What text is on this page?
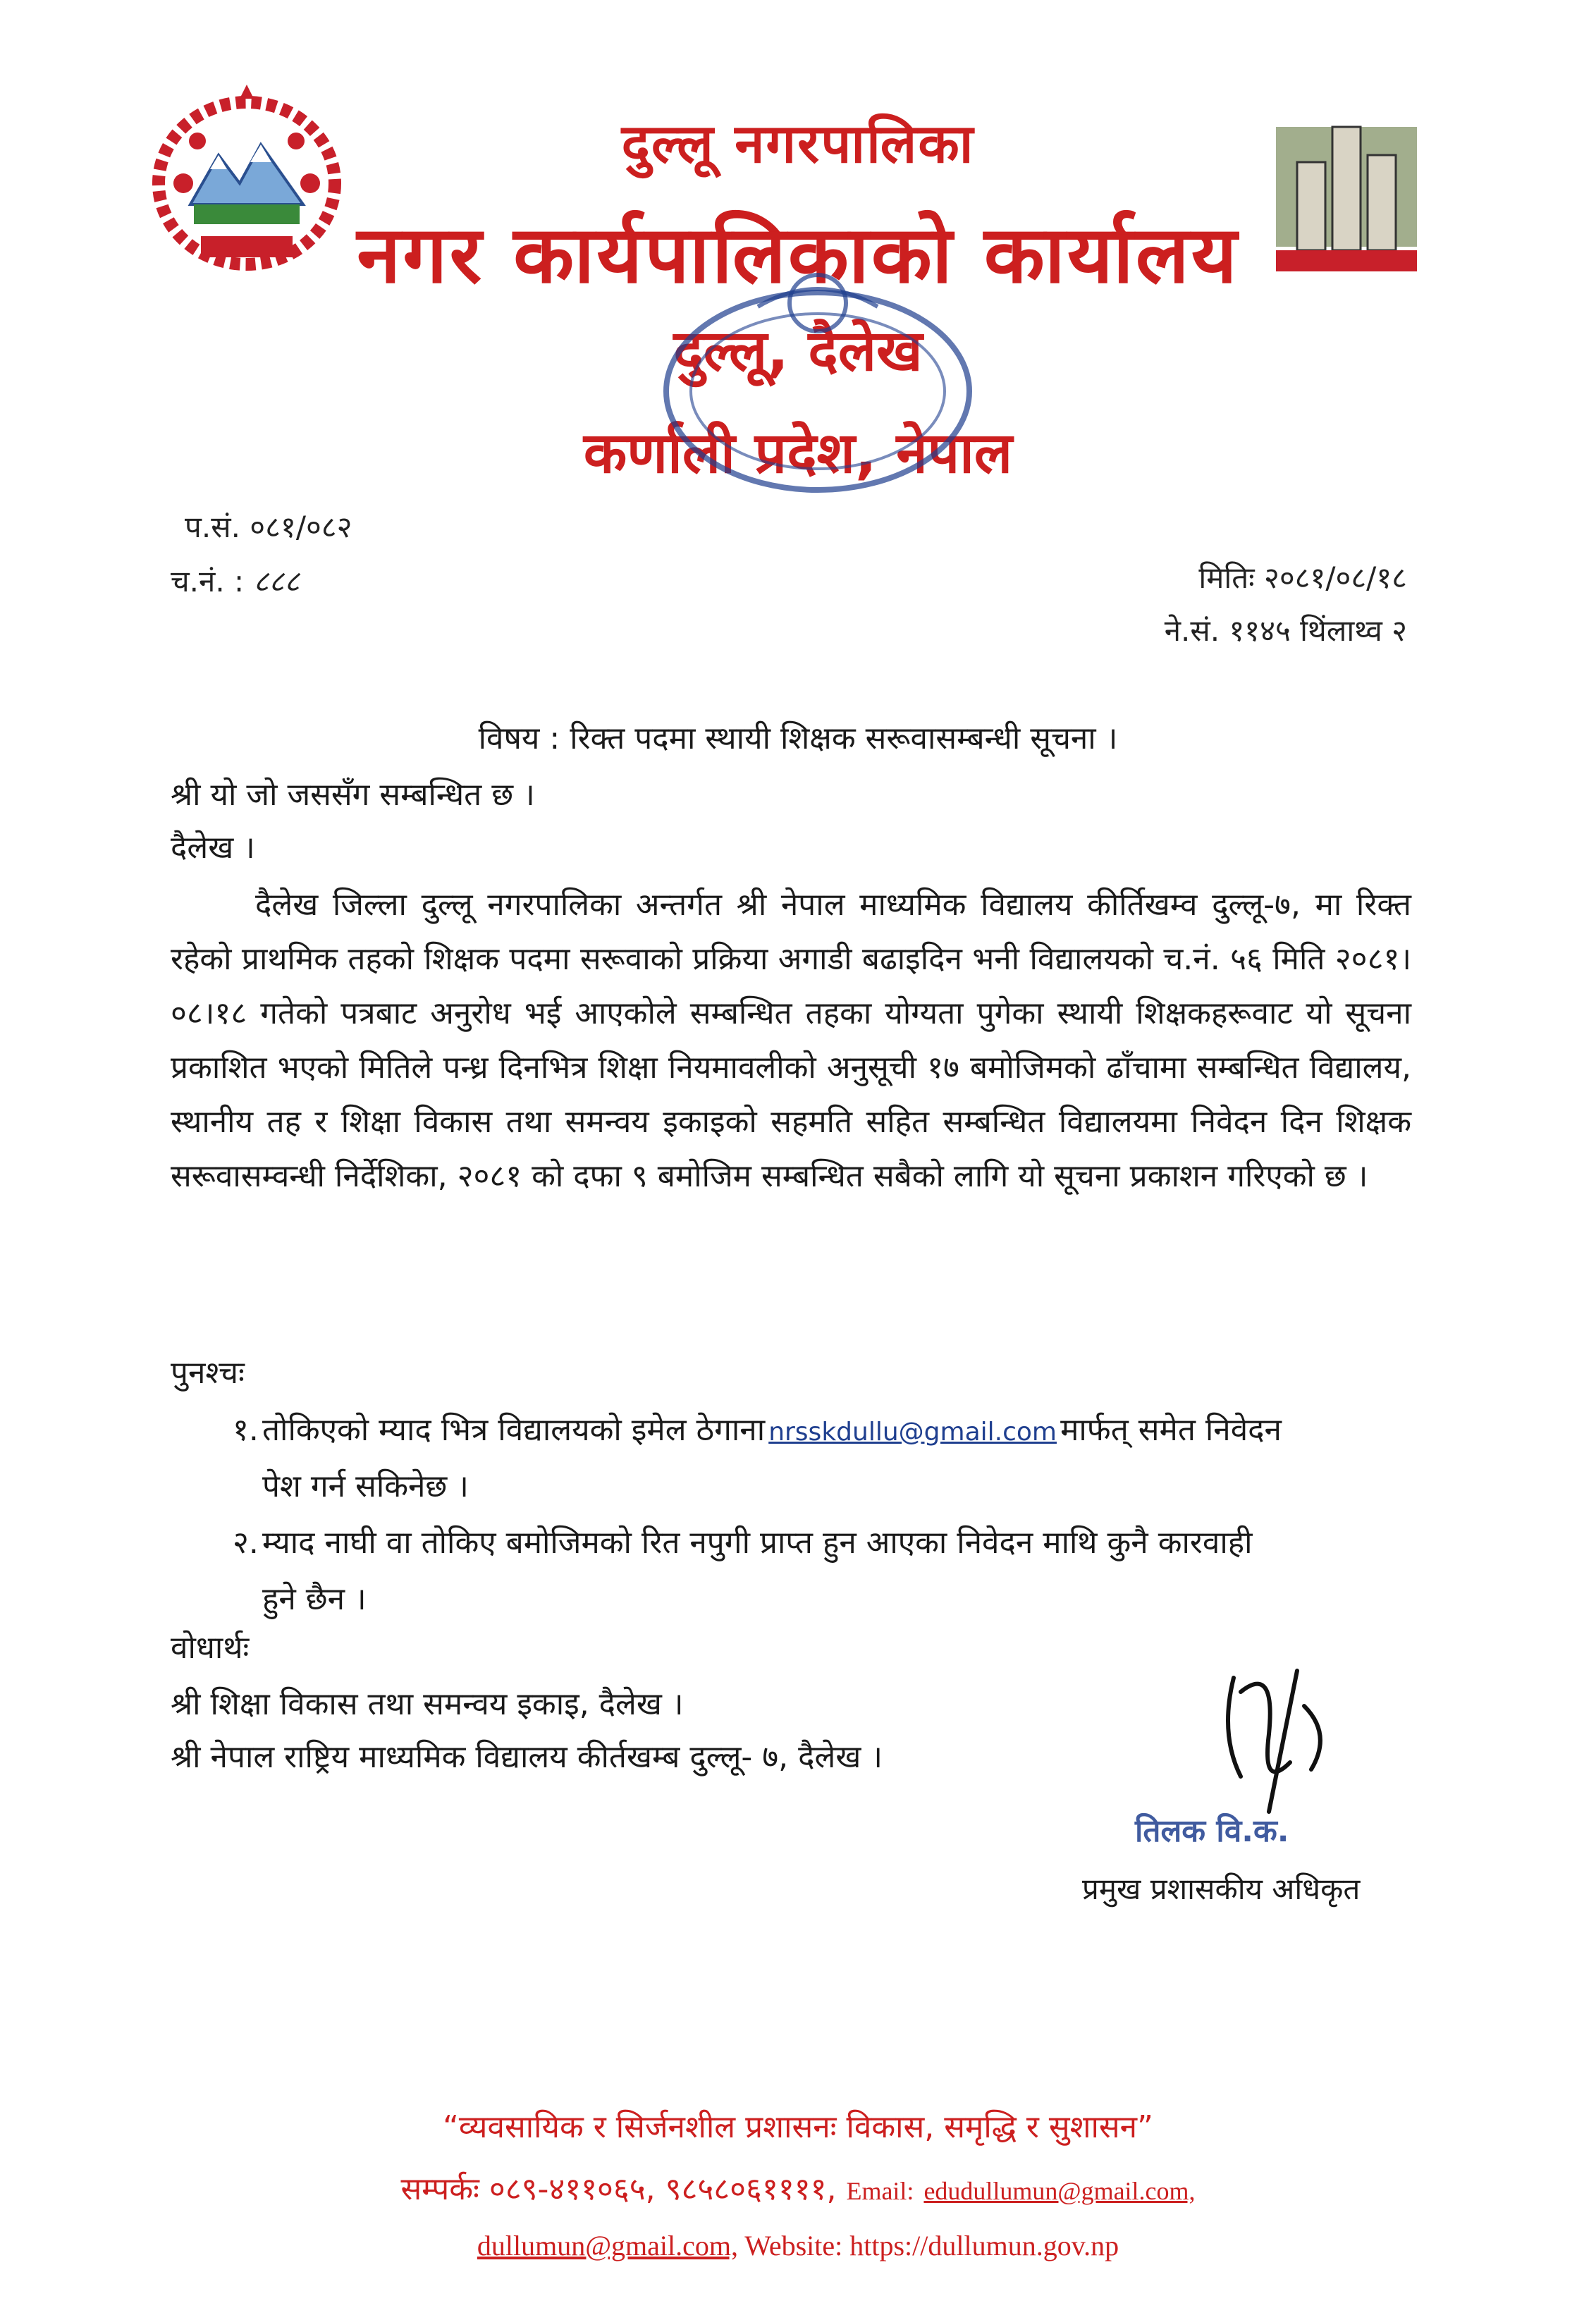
दुल्लू नगरपालिका
नगर कार्यपालिकाको कार्यालय
दुल्लू, दैलेख
कर्णाली प्रदेश, नेपाल
प.सं. ०८१/०८२
च.नं. : ८८८	मितिः २०८१/०८/१८
ने.सं. ११४५ थिंलाथ्व २
विषय : रिक्त पदमा स्थायी शिक्षक सरूवासम्बन्धी सूचना ।
श्री यो जो जससँग सम्बन्धित छ ।
दैलेख ।
दैलेख जिल्ला दुल्लू नगरपालिका अन्तर्गत श्री नेपाल माध्यमिक विद्यालय कीर्तिखम्व दुल्लू-७, मा रिक्त रहेको प्राथमिक तहको शिक्षक पदमा सरूवाको प्रक्रिया अगाडी बढाइदिन भनी विद्यालयको च.नं. ५६ मिति २०८१।०८।१८ गतेको पत्रबाट अनुरोध भई आएकोले सम्बन्धित तहका योग्यता पुगेका स्थायी शिक्षकहरूवाट यो सूचना प्रकाशित भएको मितिले पन्ध्र दिनभित्र शिक्षा नियमावलीको अनुसूची १७ बमोजिमको ढाँचामा सम्बन्धित विद्यालय, स्थानीय तह र शिक्षा विकास तथा समन्वय इकाइको सहमति सहित सम्बन्धित विद्यालयमा निवेदन दिन शिक्षक सरूवासम्वन्धी निर्देशिका, २०८१ को दफा ९ बमोजिम सम्बन्धित सबैको लागि यो सूचना प्रकाशन गरिएको छ ।
पुनश्चः
१. तोकिएको म्याद भित्र विद्यालयको इमेल ठेगाना nrsskdullu@gmail.com मार्फत् समेत निवेदन
पेश गर्न सकिनेछ ।
२. म्याद नाघी वा तोकिए बमोजिमको रित नपुगी प्राप्त हुन आएका निवेदन माथि कुनै कारवाही
हुने छैन ।
वोधार्थः
श्री शिक्षा विकास तथा समन्वय इकाइ, दैलेख ।
श्री नेपाल राष्ट्रिय माध्यमिक विद्यालय कीर्तखम्ब दुल्लू- ७, दैलेख ।
तिलक वि.क.
प्रमुख प्रशासकीय अधिकृत
“व्यवसायिक र सिर्जनशील प्रशासनः विकास, समृद्धि र सुशासन”
सम्पर्कः ०८९-४११०६५, ९८५८०६११११, Email: edudullumun@gmail.com,
dullumun@gmail.com, Website: https://dullumun.gov.np
